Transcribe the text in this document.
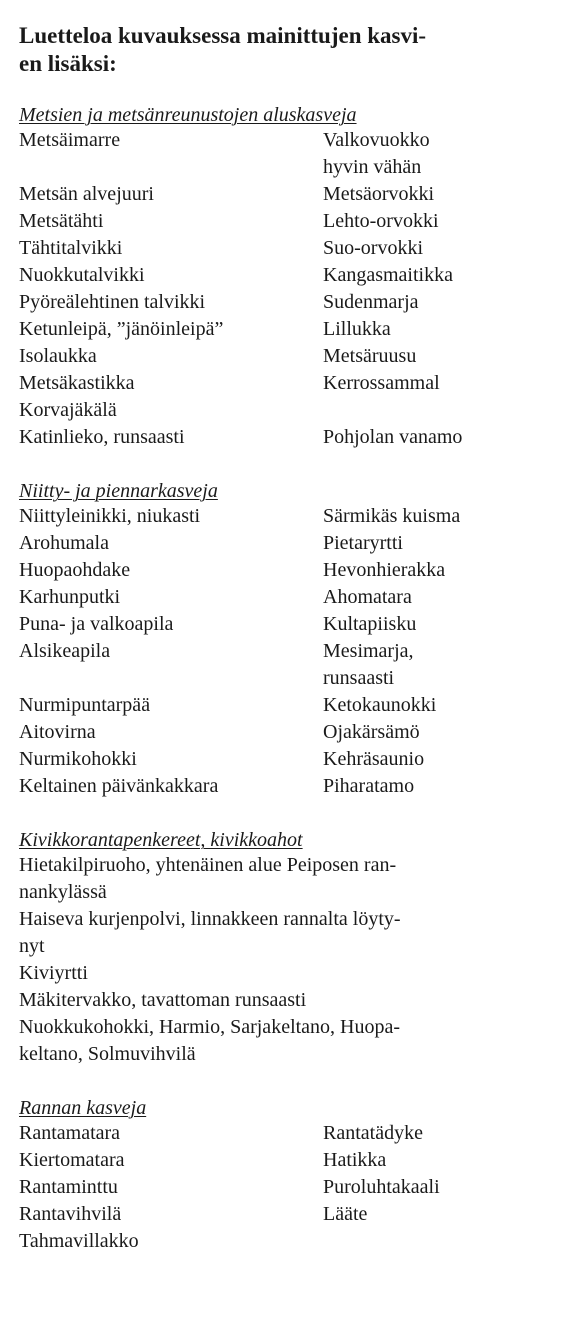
Luetteloa kuvauksessa mainittujen kasvi-
en lisäksi:
Metsien ja metsänreunustojen aluskasveja
Metsäimarre	Valkovuokko
hyvin vähän
Metsän alvejuuri	Metsäorvokki
Metsätähti	Lehto-orvokki
Tähtitalvikki	Suo-orvokki
Nuokkutalvikki	Kangasmaitikka
Pyöreälehtinen talvikki	Sudenmarja
Ketunleipä, ”jänöinleipä”	Lillukka
Isolaukka	Metsäruusu
Metsäkastikka	Kerrossammal
Korvajäkälä
Katinlieko, runsaasti	Pohjolan vanamo
Niitty- ja piennarkasveja
Niittyleinikki, niukasti	Särmikäs kuisma
Arohumala	Pietaryrtti
Huopaohdake	Hevonhierakka
Karhunputki	Ahomatara
Puna- ja valkoapila	Kultapiisku
Alsikeapila	Mesimarja,
runsaasti
Nurmipuntarpää	Ketokaunokki
Aitovirna	Ojakärsämö
Nurmikohokki	Kehräsaunio
Keltainen päivänkakkara	Piharatamo
Kivikkorantapenkereet, kivikkoahot
Hietakilpiruoho, yhtenäinen alue Peiposen ran-
nankylässä
Haiseva kurjenpolvi, linnakkeen rannalta löyty-
nyt
Kiviyrtti
Mäkitervakko, tavattoman runsaasti
Nuokkukohokki, Harmio, Sarjakeltano, Huopa-
keltano, Solmuvihvilä
Rannan kasveja
Rantamatara	Rantatädyke
Kiertomatara	Hatikka
Rantaminttu	Puroluhtakaali
Rantavihvilä	Lääte
Tahmavillakko
